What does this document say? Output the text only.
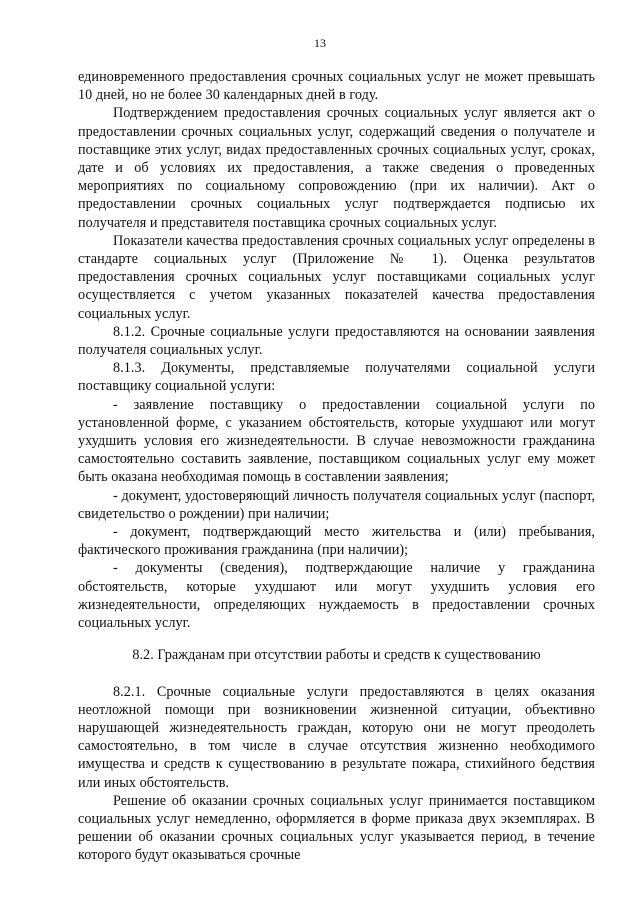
13

единовременного предоставления срочных социальных услуг не может превышать 10 дней, но не более 30 календарных дней в году.

Подтверждением предоставления срочных социальных услуг является акт о предоставлении срочных социальных услуг, содержащий сведения о получателе и поставщике этих услуг, видах предоставленных срочных социальных услуг, сроках, дате и об условиях их предоставления, а также сведения о проведенных мероприятиях по социальному сопровождению (при их наличии). Акт о предоставлении срочных социальных услуг подтверждается подписью их получателя и представителя поставщика срочных социальных услуг.

Показатели качества предоставления срочных социальных услуг определены в стандарте социальных услуг (Приложение № 1). Оценка результатов предоставления срочных социальных услуг поставщиками социальных услуг осуществляется с учетом указанных показателей качества предоставления социальных услуг.

8.1.2. Срочные социальные услуги предоставляются на основании заявления получателя социальных услуг.

8.1.3. Документы, представляемые получателями социальной услуги поставщику социальной услуги:

- заявление поставщику о предоставлении социальной услуги по установленной форме, с указанием обстоятельств, которые ухудшают или могут ухудшить условия его жизнедеятельности. В случае невозможности гражданина самостоятельно составить заявление, поставщиком социальных услуг ему может быть оказана необходимая помощь в составлении заявления;

- документ, удостоверяющий личность получателя социальных услуг (паспорт, свидетельство о рождении) при наличии;

- документ, подтверждающий место жительства и (или) пребывания, фактического проживания гражданина (при наличии);

- документы (сведения), подтверждающие наличие у гражданина обстоятельств, которые ухудшают или могут ухудшить условия его жизнедеятельности, определяющих нуждаемость в предоставлении срочных социальных услуг.

8.2. Гражданам при отсутствии работы и средств к существованию

8.2.1. Срочные социальные услуги предоставляются в целях оказания неотложной помощи при возникновении жизненной ситуации, объективно нарушающей жизнедеятельность граждан, которую они не могут преодолеть самостоятельно, в том числе в случае отсутствия жизненно необходимого имущества и средств к существованию в результате пожара, стихийного бедствия или иных обстоятельств.

Решение об оказании срочных социальных услуг принимается поставщиком социальных услуг немедленно, оформляется в форме приказа двух экземплярах. В решении об оказании срочных социальных услуг указывается период, в течение которого будут оказываться срочные
